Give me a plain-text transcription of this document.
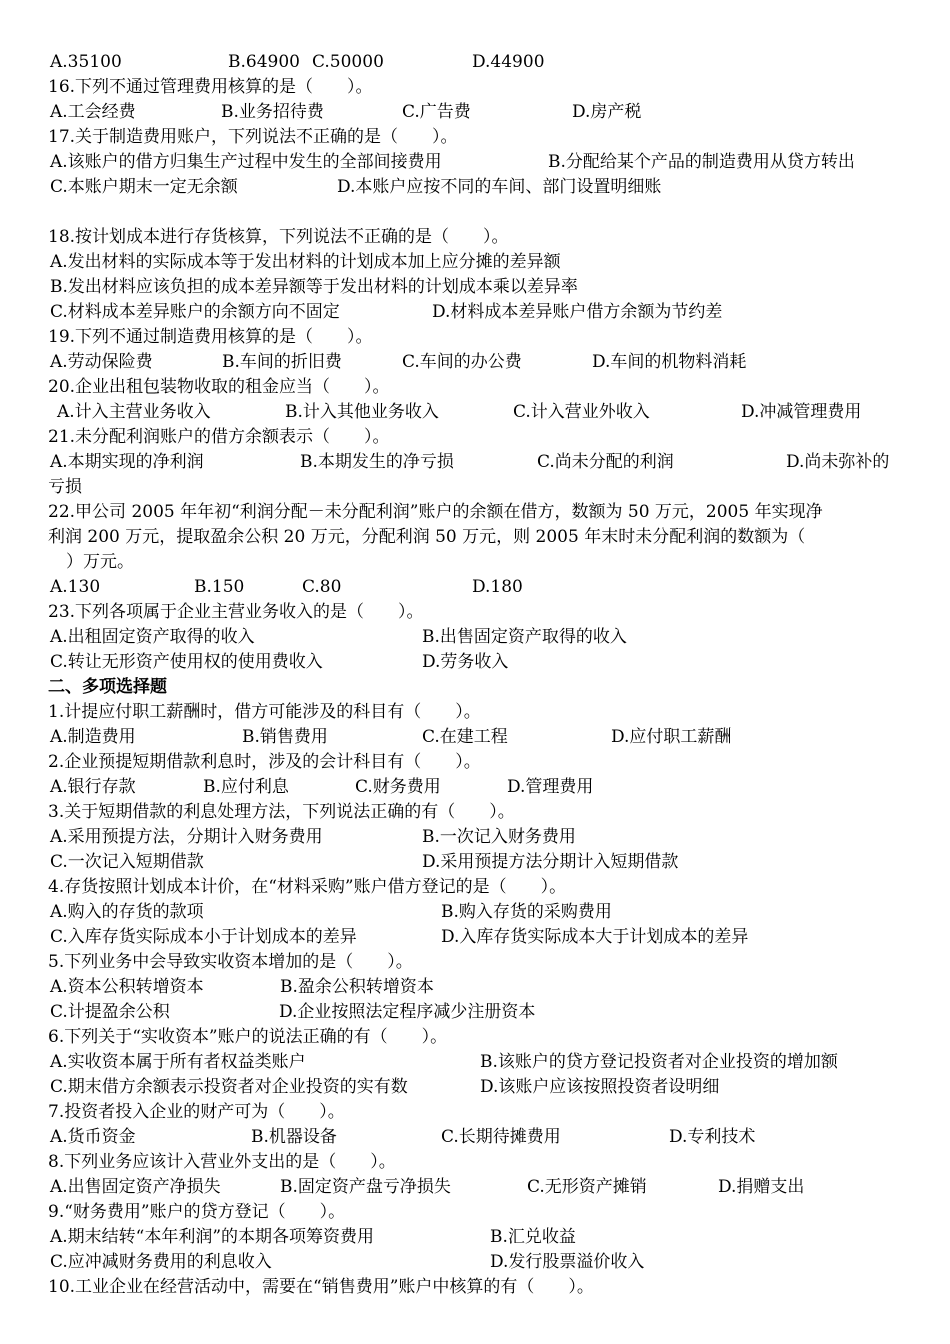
A.35100	B.64900 C.50000	D.44900
16.下列不通过管理费用核算的是（　　）。
A.工会经费	B.业务招待费	C.广告费	D.房产税
17.关于制造费用账户，下列说法不正确的是（　　）。
A.该账户的借方归集生产过程中发生的全部间接费用	B.分配给某个产品的制造费用从贷方转出
C.本账户期末一定无余额	D.本账户应按不同的车间、部门设置明细账
18.按计划成本进行存货核算，下列说法不正确的是（　　）。
A.发出材料的实际成本等于发出材料的计划成本加上应分摊的差异额
B.发出材料应该负担的成本差异额等于发出材料的计划成本乘以差异率
C.材料成本差异账户的余额方向不固定	D.材料成本差异账户借方余额为节约差
19.下列不通过制造费用核算的是（　　）。
A.劳动保险费	B.车间的折旧费	C.车间的办公费	D.车间的机物料消耗
20.企业出租包装物收取的租金应当（　　）。
A.计入主营业务收入	B.计入其他业务收入	C.计入营业外收入	D.冲减管理费用
21.未分配利润账户的借方余额表示（　　）。
A.本期实现的净利润	B.本期发生的净亏损	C.尚未分配的利润	D.尚未弥补的
亏损
22.甲公司 2005 年年初“利润分配－未分配利润”账户的余额在借方，数额为 50 万元，2005 年实现净
利润 200 万元，提取盈余公积 20 万元，分配利润 50 万元，则 2005 年末时未分配利润的数额为（
）万元。
A.130	B.150	C.80	D.180
23.下列各项属于企业主营业务收入的是（　　）。
A.出租固定资产取得的收入	B.出售固定资产取得的收入
C.转让无形资产使用权的使用费收入	D.劳务收入
二、多项选择题
1.计提应付职工薪酬时，借方可能涉及的科目有（　　）。
A.制造费用	B.销售费用	C.在建工程	D.应付职工薪酬
2.企业预提短期借款利息时，涉及的会计科目有（　　）。
A.银行存款	B.应付利息	C.财务费用	D.管理费用
3.关于短期借款的利息处理方法，下列说法正确的有（　　）。
A.采用预提方法，分期计入财务费用	B.一次记入财务费用
C.一次记入短期借款	D.采用预提方法分期计入短期借款
4.存货按照计划成本计价，在“材料采购”账户借方登记的是（　　）。
A.购入的存货的款项	B.购入存货的采购费用
C.入库存货实际成本小于计划成本的差异	D.入库存货实际成本大于计划成本的差异
5.下列业务中会导致实收资本增加的是（　　）。
A.资本公积转增资本	B.盈余公积转增资本
C.计提盈余公积	D.企业按照法定程序减少注册资本
6.下列关于“实收资本”账户的说法正确的有（　　）。
A.实收资本属于所有者权益类账户	B.该账户的贷方登记投资者对企业投资的增加额
C.期末借方余额表示投资者对企业投资的实有数	D.该账户应该按照投资者设明细
7.投资者投入企业的财产可为（　　）。
A.货币资金	B.机器设备	C.长期待摊费用	D.专利技术
8.下列业务应该计入营业外支出的是（　　）。
A.出售固定资产净损失	B.固定资产盘亏净损失	C.无形资产摊销	D.捐赠支出
9.“财务费用”账户的贷方登记（　　）。
A.期末结转“本年利润”的本期各项筹资费用	B.汇兑收益
C.应冲减财务费用的利息收入	D.发行股票溢价收入
10.工业企业在经营活动中，需要在“销售费用”账户中核算的有（　　）。
